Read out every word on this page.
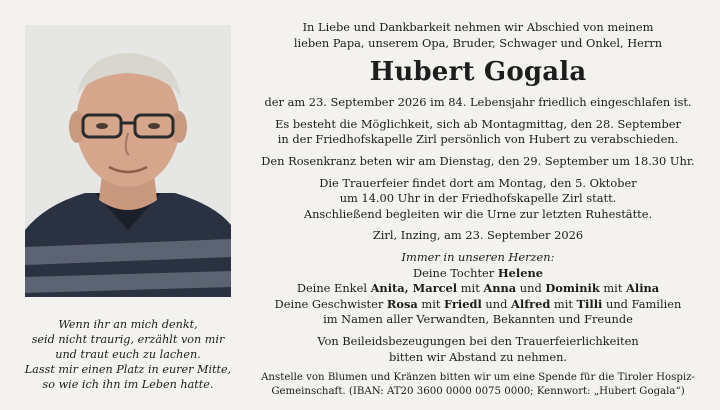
Wenn ihr an mich denkt,
seid nicht traurig, erzählt von mir
und traut euch zu lachen.
Lasst mir einen Platz in eurer Mitte,
so wie ich ihn im Leben hatte.
In Liebe und Dankbarkeit nehmen wir Abschied von meinem
lieben Papa, unserem Opa, Bruder, Schwager und Onkel, Herrn
Hubert Gogala
der am 23. September 2026 im 84. Lebensjahr friedlich eingeschlafen ist.
Es besteht die Möglichkeit, sich ab Montagmittag, den 28. September
in der Friedhofskapelle Zirl persönlich von Hubert zu verabschieden.
Den Rosenkranz beten wir am Dienstag, den 29. September um 18.30 Uhr.
Die Trauerfeier findet dort am Montag, den 5. Oktober
um 14.00 Uhr in der Friedhofskapelle Zirl statt.
Anschließend begleiten wir die Urne zur letzten Ruhestätte.
Zirl, Inzing, am 23. September 2026
Immer in unseren Herzen:
Deine Tochter Helene
Deine Enkel Anita, Marcel mit Anna und Dominik mit Alina
Deine Geschwister Rosa mit Friedl und Alfred mit Tilli und Familien
im Namen aller Verwandten, Bekannten und Freunde
Von Beileidsbezeugungen bei den Trauerfeierlichkeiten
bitten wir Abstand zu nehmen.
Anstelle von Blumen und Kränzen bitten wir um eine Spende für die Tiroler Hospiz-
Gemeinschaft. (IBAN: AT20 3600 0000 0075 0000; Kennwort: „Hubert Gogala“)
